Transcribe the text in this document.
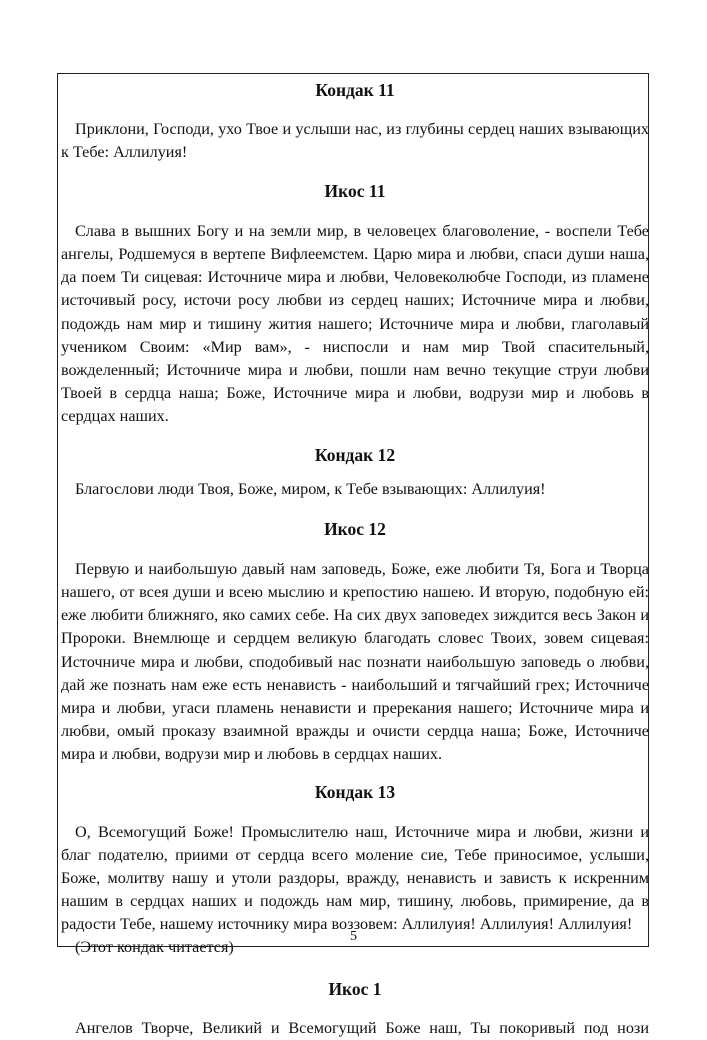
Кондак 11

Приклони, Господи, ухо Твое и услыши нас, из глубины сердец наших взывающих к Тебе: Аллилуия!

Икос 11

Слава в вышних Богу и на земли мир, в человецех благоволение, - воспели Тебе ангелы, Родшемуся в вертепе Вифлеемстем. Царю мира и любви, спаси души наша, да поем Ти сицевая: Источниче мира и любви, Человеколюбче Господи, из пламене источивый росу, источи росу любви из сердец наших; Источниче мира и любви, подождь нам мир и тишину жития нашего; Источниче мира и любви, глаголавый учеником Своим: «Мир вам», - ниспосли и нам мир Твой спасительный, вожделенный; Источниче мира и любви, пошли нам вечно текущие струи любви Твоей в сердца наша; Боже, Источниче мира и любви, водрузи мир и любовь в сердцах наших.

Кондак 12

Благослови люди Твоя, Боже, миром, к Тебе взывающих: Аллилуия!

Икос 12

Первую и наибольшую давый нам заповедь, Боже, еже любити Тя, Бога и Творца нашего, от всея души и всею мыслию и крепостию нашею. И вторую, подобную ей: еже любити ближняго, яко самих себе. На сих двух заповедех зиждится весь Закон и Пророки. Внемлюще и сердцем великую благодать словес Твоих, зовем сицевая: Источниче мира и любви, сподобивый нас познати наибольшую заповедь о любви, дай же познать нам еже есть ненависть - наибольший и тягчайший грех; Источниче мира и любви, угаси пламень ненависти и пререкания нашего; Источниче мира и любви, омый проказу взаимной вражды и очисти сердца наша; Боже, Источниче мира и любви, водрузи мир и любовь в сердцах наших.

Кондак 13

О, Всемогущий Боже! Промыслителю наш, Источниче мира и любви, жизни и благ подателю, приими от сердца всего моление сие, Тебе приносимое, услыши, Боже, молитву нашу и утоли раздоры, вражду, ненависть и зависть к искренним нашим в сердцах наших и подождь нам мир, тишину, любовь, примирение, да в радости Тебе, нашему источнику мира воззовем: Аллилуия! Аллилуия! Аллилуия!

(Этот кондак читается)

Икос 1

Ангелов Творче, Великий и Всемогущий Боже наш, Ты покоривый под нози

5
